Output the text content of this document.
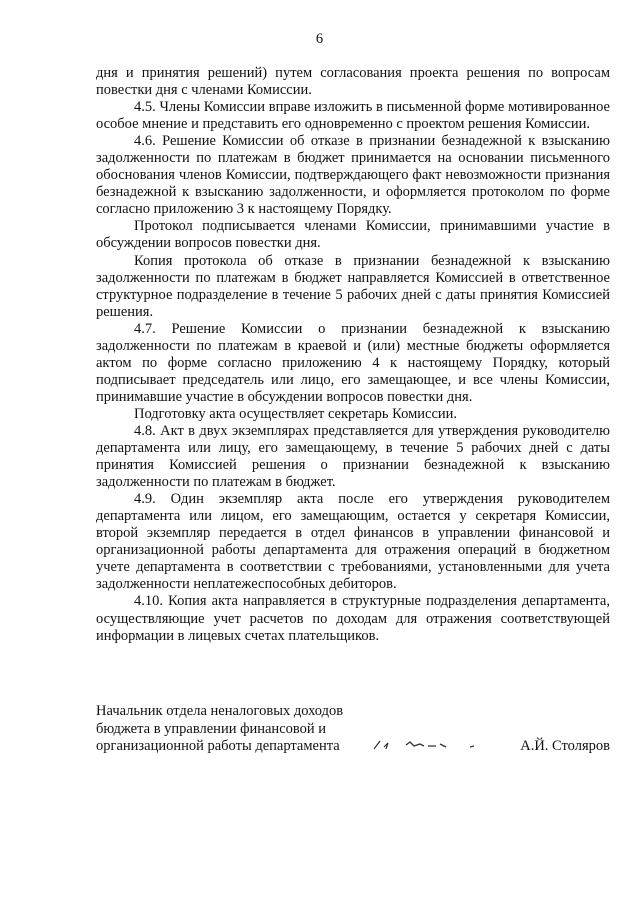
6

дня и принятия решений) путем согласования проекта решения по вопросам повестки дня с членами Комиссии.

4.5. Члены Комиссии вправе изложить в письменной форме мотивированное особое мнение и представить его одновременно с проектом решения Комиссии.

4.6. Решение Комиссии об отказе в признании безнадежной к взысканию задолженности по платежам в бюджет принимается на основании письменного обоснования членов Комиссии, подтверждающего факт невозможности признания безнадежной к взысканию задолженности, и оформляется протоколом по форме согласно приложению 3 к настоящему Порядку.

Протокол подписывается членами Комиссии, принимавшими участие в обсуждении вопросов повестки дня.

Копия протокола об отказе в признании безнадежной к взысканию задолженности по платежам в бюджет направляется Комиссией в ответственное структурное подразделение в течение 5 рабочих дней с даты принятия Комиссией решения.

4.7. Решение Комиссии о признании безнадежной к взысканию задолженности по платежам в краевой и (или) местные бюджеты оформляется актом по форме согласно приложению 4 к настоящему Порядку, который подписывает председатель или лицо, его замещающее, и все члены Комиссии, принимавшие участие в обсуждении вопросов повестки дня.

Подготовку акта осуществляет секретарь Комиссии.

4.8. Акт в двух экземплярах представляется для утверждения руководителю департамента или лицу, его замещающему, в течение 5 рабочих дней с даты принятия Комиссией решения о признании безнадежной к взысканию задолженности по платежам в бюджет.

4.9. Один экземпляр акта после его утверждения руководителем департамента или лицом, его замещающим, остается у секретаря Комиссии, второй экземпляр передается в отдел финансов в управлении финансовой и организационной работы департамента для отражения операций в бюджетном учете департамента в соответствии с требованиями, установленными для учета задолженности неплатежеспособных дебиторов.

4.10. Копия акта направляется в структурные подразделения департамента, осуществляющие учет расчетов по доходам для отражения соответствующей информации в лицевых счетах плательщиков.

Начальник отдела неналоговых доходов
бюджета в управлении финансовой и
организационной работы департамента	А.Й. Столяров
